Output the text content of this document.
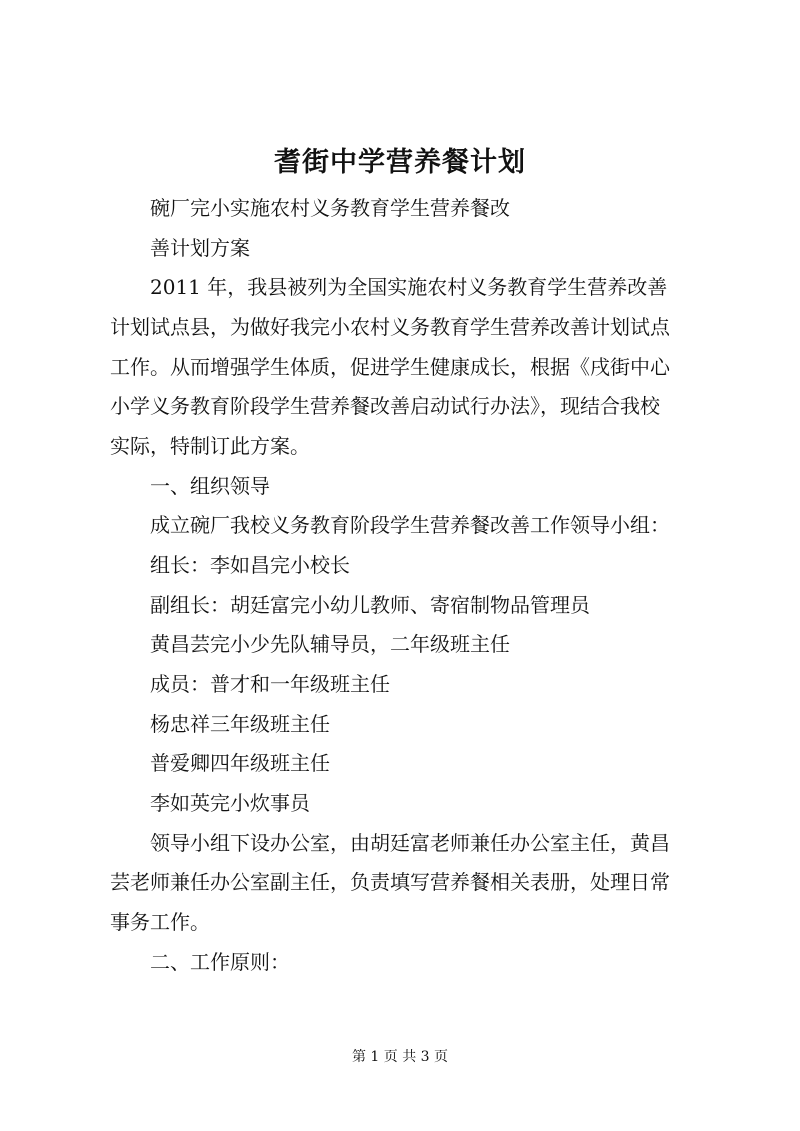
耆街中学营养餐计划
碗厂完小实施农村义务教育学生营养餐改
善计划方案
2011 年，我县被列为全国实施农村义务教育学生营养改善
计划试点县，为做好我完小农村义务教育学生营养改善计划试点
工作。从而增强学生体质，促进学生健康成长，根据《戌街中心
小学义务教育阶段学生营养餐改善启动试行办法》，现结合我校
实际，特制订此方案。
一、组织领导
成立碗厂我校义务教育阶段学生营养餐改善工作领导小组：
组长：李如昌完小校长
副组长：胡廷富完小幼儿教师、寄宿制物品管理员
黄昌芸完小少先队辅导员，二年级班主任
成员：普才和一年级班主任
杨忠祥三年级班主任
普爱卿四年级班主任
李如英完小炊事员
领导小组下设办公室，由胡廷富老师兼任办公室主任，黄昌
芸老师兼任办公室副主任，负责填写营养餐相关表册，处理日常
事务工作。
二、工作原则：
第 1 页 共 3 页
